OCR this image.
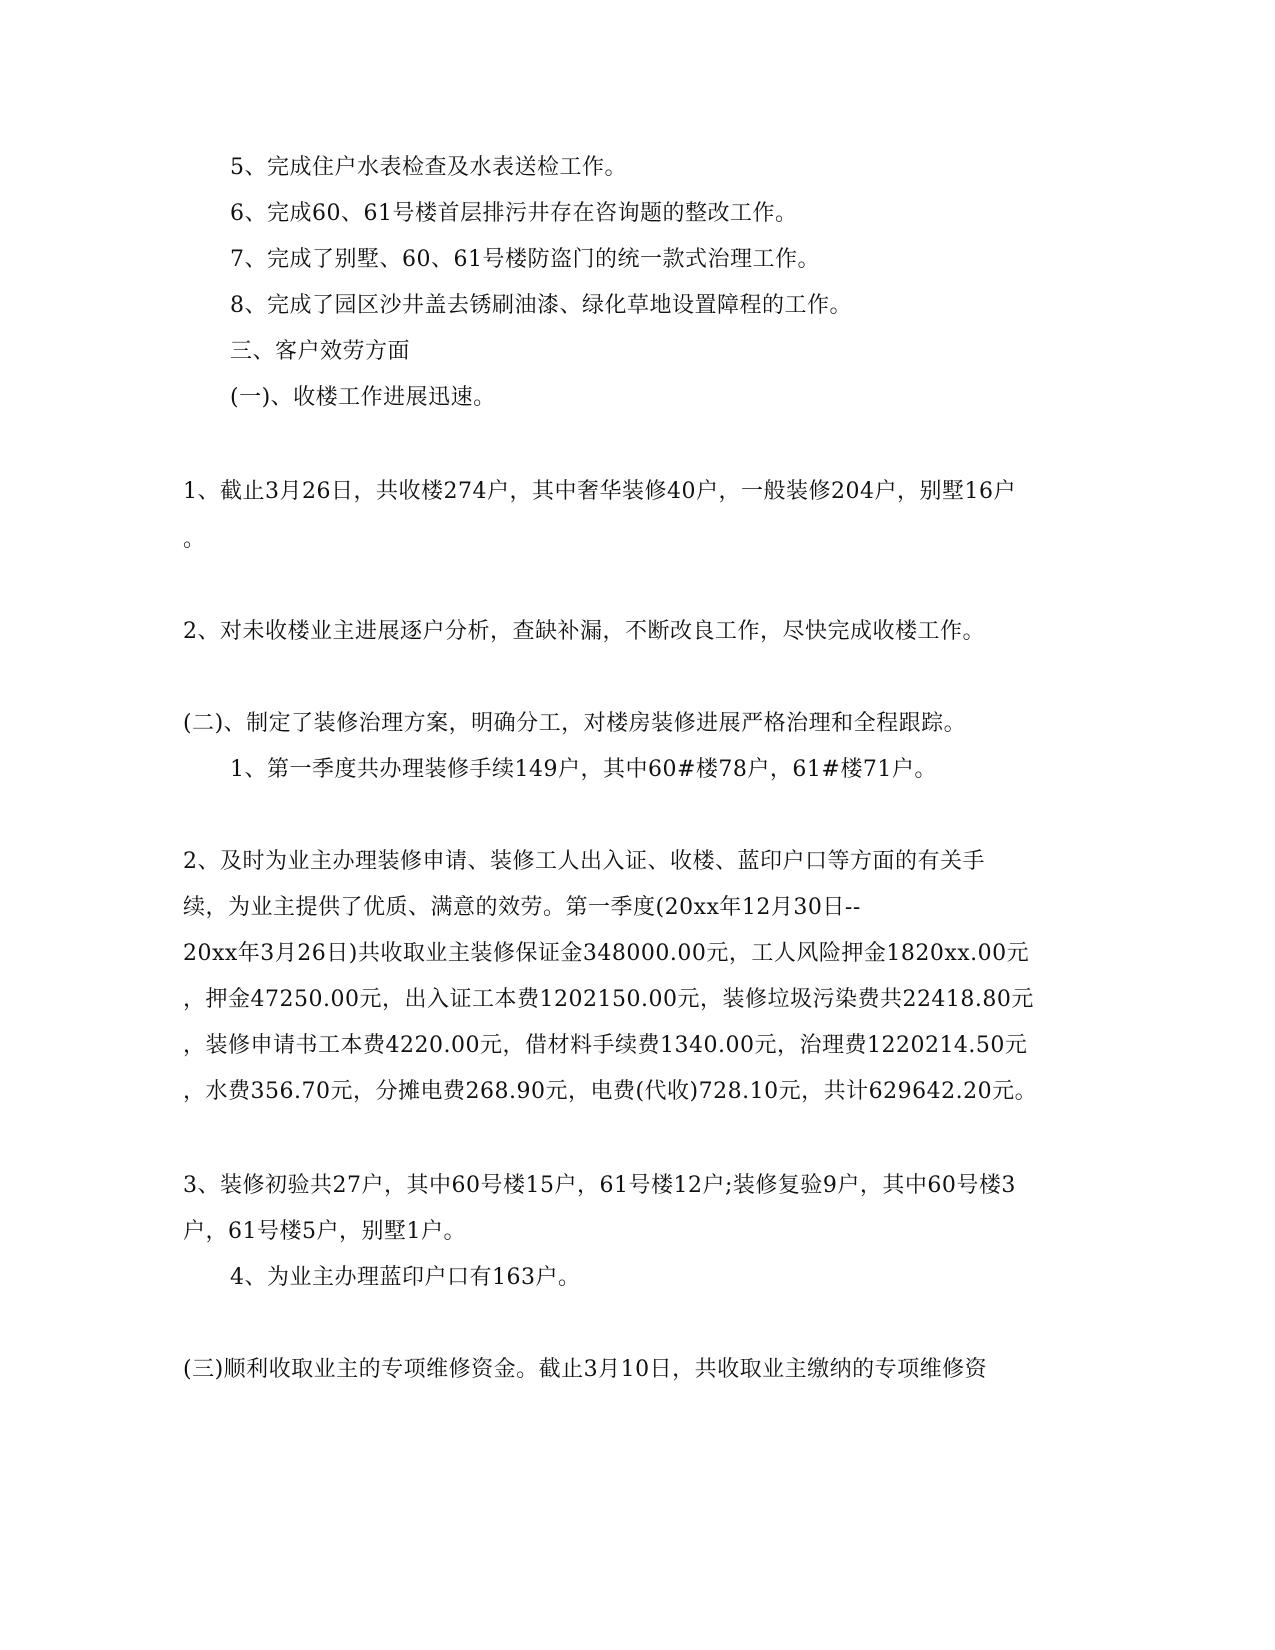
5、完成住户水表检查及水表送检工作。
6、完成60、61号楼首层排污井存在咨询题的整改工作。
7、完成了别墅、60、61号楼防盗门的统一款式治理工作。
8、完成了园区沙井盖去锈刷油漆、绿化草地设置障程的工作。
三、客户效劳方面
(一)、收楼工作进展迅速。
1、截止3月26日，共收楼274户，其中奢华装修40户，一般装修204户，别墅16户
。
2、对未收楼业主进展逐户分析，查缺补漏，不断改良工作，尽快完成收楼工作。
(二)、制定了装修治理方案，明确分工，对楼房装修进展严格治理和全程跟踪。
1、第一季度共办理装修手续149户，其中60#楼78户，61#楼71户。
2、及时为业主办理装修申请、装修工人出入证、收楼、蓝印户口等方面的有关手
续，为业主提供了优质、满意的效劳。第一季度(20xx年12月30日--
20xx年3月26日)共收取业主装修保证金348000.00元，工人风险押金1820xx.00元
，押金47250.00元，出入证工本费1202150.00元，装修垃圾污染费共22418.80元
，装修申请书工本费4220.00元，借材料手续费1340.00元，治理费1220214.50元
，水费356.70元，分摊电费268.90元，电费(代收)728.10元，共计629642.20元。
3、装修初验共27户，其中60号楼15户，61号楼12户;装修复验9户，其中60号楼3
户，61号楼5户，别墅1户。
4、为业主办理蓝印户口有163户。
(三)顺利收取业主的专项维修资金。截止3月10日，共收取业主缴纳的专项维修资
